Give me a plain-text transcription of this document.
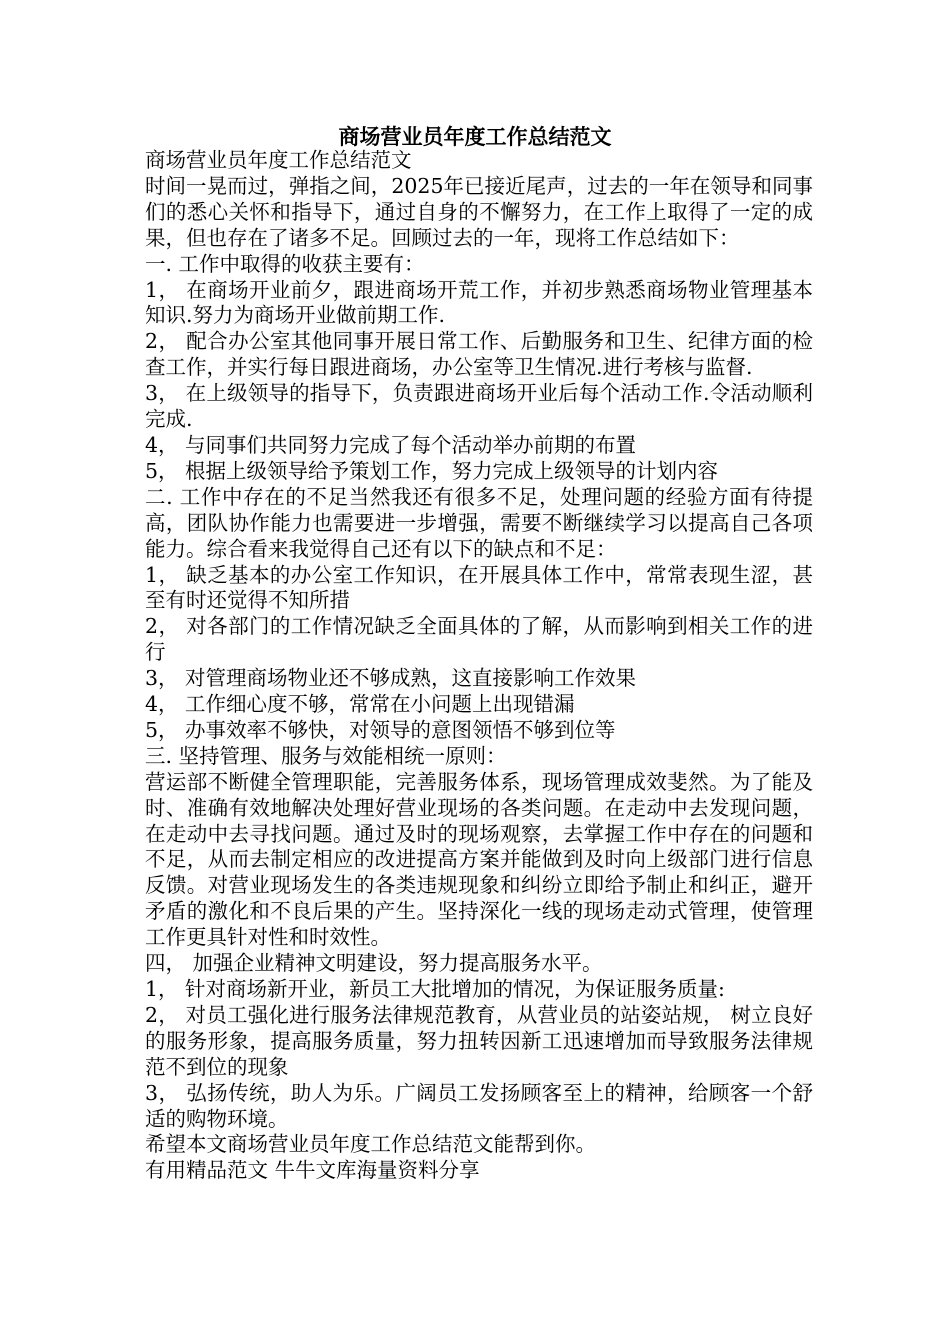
商场营业员年度工作总结范文

商场营业员年度工作总结范文

时间一晃而过，弹指之间，2025年已接近尾声，过去的一年在领导和同事们的悉心关怀和指导下，通过自身的不懈努力，在工作上取得了一定的成果，但也存在了诸多不足。回顾过去的一年，现将工作总结如下：

一. 工作中取得的收获主要有：

1， 在商场开业前夕，跟进商场开荒工作，并初步熟悉商场物业管理基本知识.努力为商场开业做前期工作.

2， 配合办公室其他同事开展日常工作、后勤服务和卫生、纪律方面的检查工作，并实行每日跟进商场，办公室等卫生情况.进行考核与监督.

3， 在上级领导的指导下，负责跟进商场开业后每个活动工作.令活动顺利完成.

4， 与同事们共同努力完成了每个活动举办前期的布置

5， 根据上级领导给予策划工作，努力完成上级领导的计划内容

二. 工作中存在的不足当然我还有很多不足，处理问题的经验方面有待提高，团队协作能力也需要进一步增强，需要不断继续学习以提高自己各项能力。综合看来我觉得自己还有以下的缺点和不足：

1， 缺乏基本的办公室工作知识，在开展具体工作中，常常表现生涩，甚至有时还觉得不知所措

2， 对各部门的工作情况缺乏全面具体的了解，从而影响到相关工作的进行

3， 对管理商场物业还不够成熟，这直接影响工作效果

4， 工作细心度不够，常常在小问题上出现错漏

5， 办事效率不够快，对领导的意图领悟不够到位等

三. 坚持管理、服务与效能相统一原则：

营运部不断健全管理职能，完善服务体系，现场管理成效斐然。为了能及时、准确有效地解决处理好营业现场的各类问题。在走动中去发现问题，在走动中去寻找问题。通过及时的现场观察，去掌握工作中存在的问题和不足，从而去制定相应的改进提高方案并能做到及时向上级部门进行信息反馈。对营业现场发生的各类违规现象和纠纷立即给予制止和纠正，避开矛盾的激化和不良后果的产生。坚持深化一线的现场走动式管理，使管理工作更具针对性和时效性。

四， 加强企业精神文明建设，努力提高服务水平。

1， 针对商场新开业，新员工大批增加的情况，为保证服务质量:

2， 对员工强化进行服务法律规范教育，从营业员的站姿站规， 树立良好的服务形象，提高服务质量，努力扭转因新工迅速增加而导致服务法律规范不到位的现象

3， 弘扬传统，助人为乐。广阔员工发扬顾客至上的精神，给顾客一个舒适的购物环境。

希望本文商场营业员年度工作总结范文能帮到你。

有用精品范文 牛牛文库海量资料分享
